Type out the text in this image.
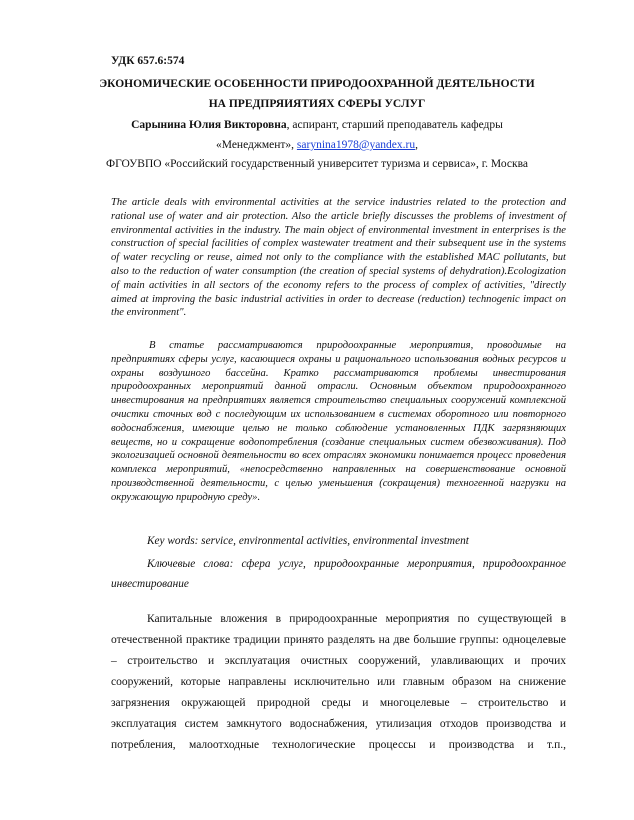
УДК 657.6:574

ЭКОНОМИЧЕСКИЕ ОСОБЕННОСТИ ПРИРОДООХРАННОЙ ДЕЯТЕЛЬНОСТИ

НА ПРЕДПРЯИЯТИЯХ СФЕРЫ УСЛУГ

Сарынина Юлия Викторовна, аспирант, старший преподаватель кафедры

«Менеджмент», sarynina1978@yandex.ru,

ФГОУВПО «Российский государственный университет туризма и сервиса», г. Москва

The article deals with environmental activities at the service industries related to the protection and rational use of water and air protection. Also the article briefly discusses the problems of investment of environmental activities in the industry. The main object of environmental investment in enterprises is the construction of special facilities of complex wastewater treatment and their subsequent use in the systems of water recycling or reuse, aimed not only to the compliance with the established MAC pollutants, but also to the reduction of water consumption (the creation of special systems of dehydration).Ecologization of main activities in all sectors of the economy refers to the process of complex of activities, "directly aimed at improving the basic industrial activities in order to decrease (reduction) technogenic impact on the environment".

В статье рассматриваются природоохранные мероприятия, проводимые на предприятиях сферы услуг, касающиеся охраны и рационального использования водных ресурсов и охраны воздушного бассейна. Кратко рассматриваются проблемы инвестирования природоохранных мероприятий данной отрасли. Основным объектом природоохранного инвестирования на предприятиях является строительство специальных сооружений комплексной очистки сточных вод с последующим их использованием в системах оборотного или повторного водоснабжения, имеющие целью не только соблюдение установленных ПДК загрязняющих веществ, но и сокращение водопотребления (создание специальных систем обезвоживания). Под экологизацией основной деятельности во всех отраслях экономики понимается процесс проведения комплекса мероприятий, «непосредственно направленных на совершенствование основной производственной деятельности, с целью уменьшения (сокращения) техногенной нагрузки на окружающую природную среду».

Key words: service, environmental activities, environmental investment

Ключевые слова: сфера услуг, природоохранные мероприятия, природоохранное инвестирование

Капитальные вложения в природоохранные мероприятия по существующей в отечественной практике традиции принято разделять на две большие группы: одноцелевые – строительство и эксплуатация очистных сооружений, улавливающих и прочих сооружений, которые направлены исключительно или главным образом на снижение загрязнения окружающей природной среды и многоцелевые – строительство и эксплуатация систем замкнутого водоснабжения, утилизация отходов производства и потребления, малоотходные технологические процессы и производства и т.п.,
